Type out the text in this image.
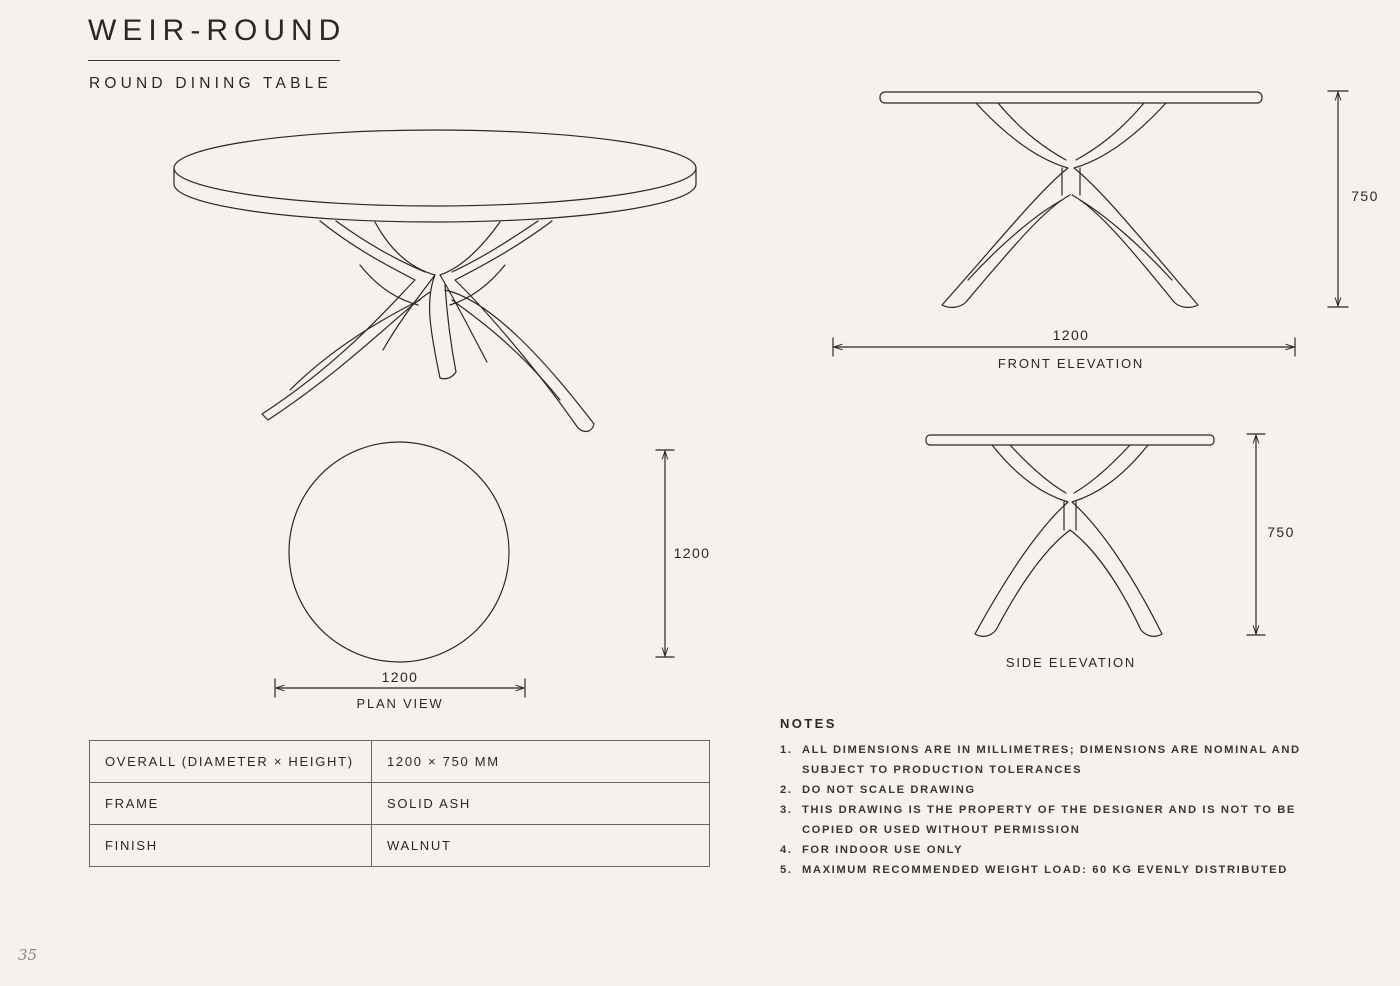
WEIR-ROUND
ROUND DINING TABLE
1200
FRONT ELEVATION
750
750
SIDE ELEVATION
1200
PLAN VIEW
1200
OVERALL (DIAMETER × HEIGHT)	1200 × 750 MM
FRAME	SOLID ASH
FINISH	WALNUT
NOTES
1. ALL DIMENSIONS ARE IN MILLIMETRES; DIMENSIONS ARE NOMINAL AND SUBJECT TO PRODUCTION TOLERANCES
2. DO NOT SCALE DRAWING
3. THIS DRAWING IS THE PROPERTY OF THE DESIGNER AND IS NOT TO BE COPIED OR USED WITHOUT PERMISSION
4. FOR INDOOR USE ONLY
5. MAXIMUM RECOMMENDED WEIGHT LOAD: 60 KG EVENLY DISTRIBUTED
35
